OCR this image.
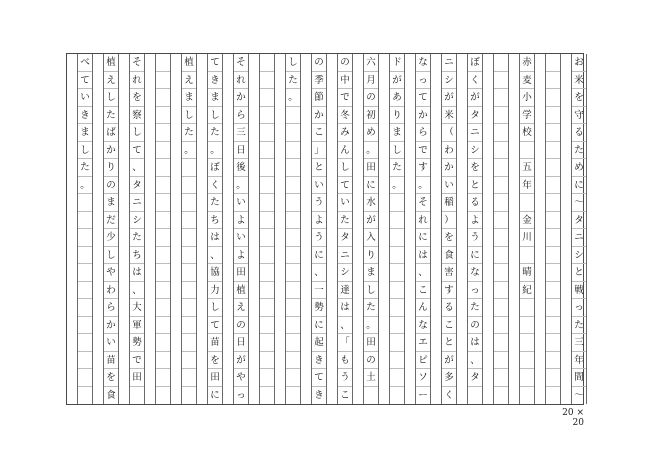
お
米
を
守
る
た
め
に
～
タ
ニ
シ
と
戦
っ
た
三
年
間
～
赤
麦
小
学
校
五
年
金
川
晴
紀
ぼ
く
が
タ
ニ
シ
を
と
る
よ
う
に
な
っ
た
の
は
、
タ
ニ
シ
が
米
（
わ
か
い
稲
）
を
食
害
す
る
こ
と
が
多
く
な
っ
て
か
ら
で
す
。
そ
れ
に
は
、
こ
ん
な
エ
ピ
ソ
ー
ド
が
あ
り
ま
し
た
。
六
月
の
初
め
。
田
に
水
が
入
り
ま
し
た
。
田
の
土
の
中
で
冬
み
ん
し
て
い
た
タ
ニ
シ
達
は
、
「
も
う
こ
の
季
節
か
こ
」
と
い
う
よ
う
に
、
一
勢
に
起
き
て
き
し
た
。
そ
れ
か
ら
三
日
後
。
い
よ
い
よ
田
植
え
の
日
が
や
っ
て
き
ま
し
た
。
ぼ
く
た
ち
は
、
協
力
し
て
苗
を
田
に
植
え
ま
し
た
。
そ
れ
を
察
し
て
、
タ
ニ
シ
た
ち
は
、
大
軍
勢
で
田
植
え
し
た
ば
か
り
の
ま
だ
少
し
や
わ
ら
か
い
苗
を
食
べ
て
い
き
ま
し
た
。
20 × 20
